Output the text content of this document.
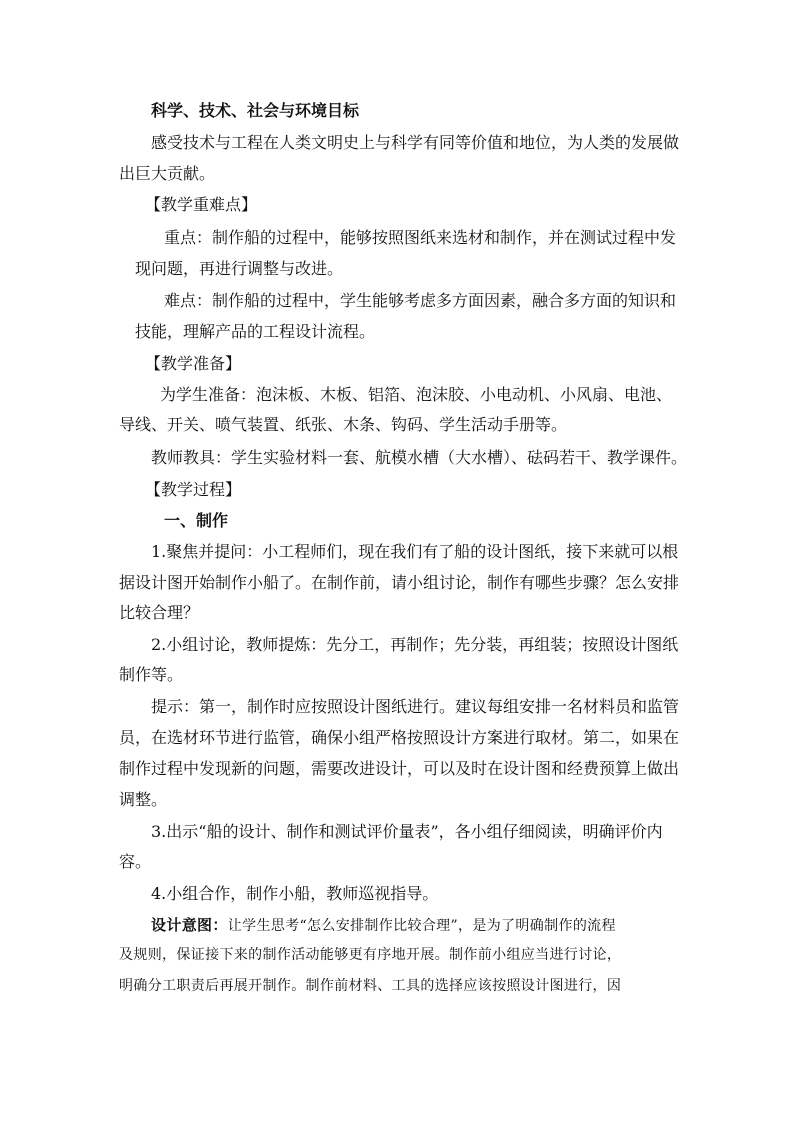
科学、技术、社会与环境目标
感受技术与工程在人类文明史上与科学有同等价值和地位，为人类的发展做
出巨大贡献。
【教学重难点】
重点：制作船的过程中，能够按照图纸来选材和制作，并在测试过程中发
现问题，再进行调整与改进。
难点：制作船的过程中，学生能够考虑多方面因素，融合多方面的知识和
技能，理解产品的工程设计流程。
【教学准备】
为学生准备：泡沫板、木板、铝箔、泡沫胶、小电动机、小风扇、电池、
导线、开关、喷气装置、纸张、木条、钩码、学生活动手册等。
教师教具：学生实验材料一套、航模水槽（大水槽）、砝码若干、教学课件。
【教学过程】
一、制作
1.聚焦并提问：小工程师们，现在我们有了船的设计图纸，接下来就可以根
据设计图开始制作小船了。在制作前，请小组讨论，制作有哪些步骤？怎么安排
比较合理？
2.小组讨论，教师提炼：先分工，再制作；先分装，再组装；按照设计图纸
制作等。
提示：第一，制作时应按照设计图纸进行。建议每组安排一名材料员和监管
员，在选材环节进行监管，确保小组严格按照设计方案进行取材。第二，如果在
制作过程中发现新的问题，需要改进设计，可以及时在设计图和经费预算上做出
调整。
3.出示“船的设计、制作和测试评价量表”，各小组仔细阅读，明确评价内
容。
4.小组合作，制作小船，教师巡视指导。
设计意图：让学生思考“怎么安排制作比较合理”，是为了明确制作的流程
及规则，保证接下来的制作活动能够更有序地开展。制作前小组应当进行讨论，
明确分工职责后再展开制作。制作前材料、工具的选择应该按照设计图进行，因
